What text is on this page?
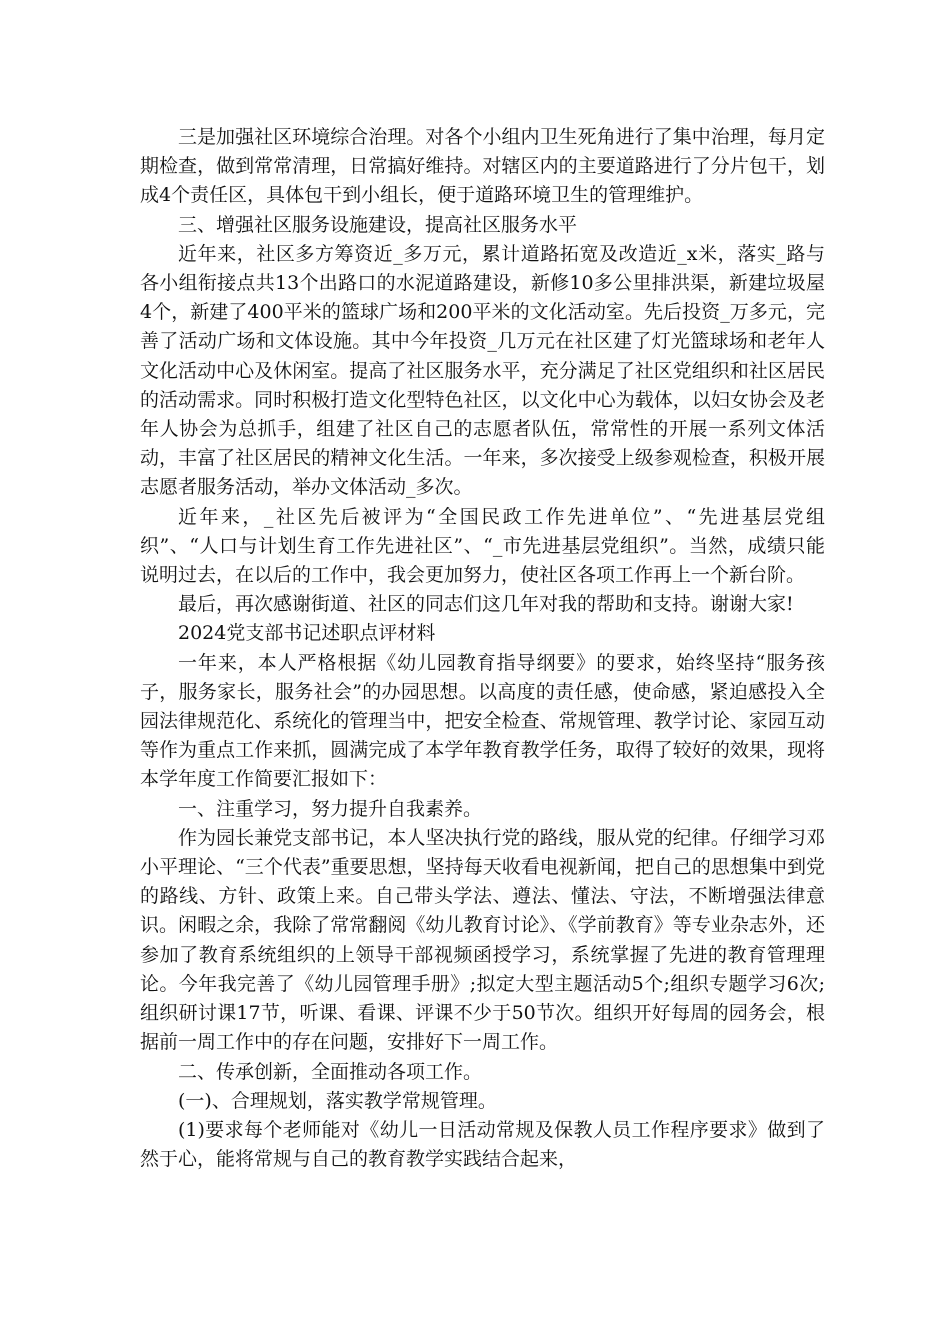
三是加强社区环境综合治理。对各个小组内卫生死角进行了集中治理，每月定期检查，做到常常清理，日常搞好维持。对辖区内的主要道路进行了分片包干，划成4个责任区，具体包干到小组长，便于道路环境卫生的管理维护。

三、增强社区服务设施建设，提高社区服务水平

近年来，社区多方筹资近_多万元，累计道路拓宽及改造近_x米，落实_路与各小组衔接点共13个出路口的水泥道路建设，新修10多公里排洪渠，新建垃圾屋4个，新建了400平米的篮球广场和200平米的文化活动室。先后投资_万多元，完善了活动广场和文体设施。其中今年投资_几万元在社区建了灯光篮球场和老年人文化活动中心及休闲室。提高了社区服务水平，充分满足了社区党组织和社区居民的活动需求。同时积极打造文化型特色社区，以文化中心为载体，以妇女协会及老年人协会为总抓手，组建了社区自己的志愿者队伍，常常性的开展一系列文体活动，丰富了社区居民的精神文化生活。一年来，多次接受上级参观检查，积极开展志愿者服务活动，举办文体活动_多次。

近年来，_社区先后被评为“全国民政工作先进单位”、“先进基层党组织”、“人口与计划生育工作先进社区”、“_市先进基层党组织”。当然，成绩只能说明过去，在以后的工作中，我会更加努力，使社区各项工作再上一个新台阶。

最后，再次感谢街道、社区的同志们这几年对我的帮助和支持。谢谢大家!

2024党支部书记述职点评材料

一年来，本人严格根据《幼儿园教育指导纲要》的要求，始终坚持“服务孩子，服务家长，服务社会”的办园思想。以高度的责任感，使命感，紧迫感投入全园法律规范化、系统化的管理当中，把安全检查、常规管理、教学讨论、家园互动等作为重点工作来抓，圆满完成了本学年教育教学任务，取得了较好的效果，现将本学年度工作简要汇报如下：

一、注重学习，努力提升自我素养。

作为园长兼党支部书记，本人坚决执行党的路线，服从党的纪律。仔细学习邓小平理论、“三个代表”重要思想，坚持每天收看电视新闻，把自己的思想集中到党的路线、方针、政策上来。自己带头学法、遵法、懂法、守法，不断增强法律意识。闲暇之余，我除了常常翻阅《幼儿教育讨论》、《学前教育》等专业杂志外，还参加了教育系统组织的上领导干部视频函授学习，系统掌握了先进的教育管理理论。今年我完善了《幼儿园管理手册》;拟定大型主题活动5个;组织专题学习6次;组织研讨课17节，听课、看课、评课不少于50节次。组织开好每周的园务会，根据前一周工作中的存在问题，安排好下一周工作。

二、传承创新，全面推动各项工作。

(一)、合理规划，落实教学常规管理。

(1)要求每个老师能对《幼儿一日活动常规及保教人员工作程序要求》做到了然于心，能将常规与自己的教育教学实践结合起来，
